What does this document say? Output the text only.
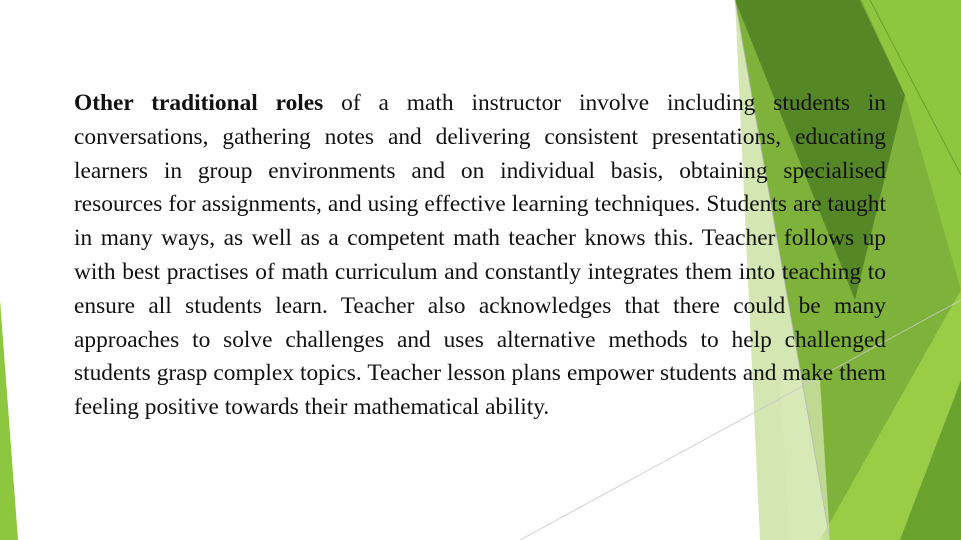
Other traditional roles of a math instructor involve including students in conversations, gathering notes and delivering consistent presentations, educating learners in group environments and on individual basis, obtaining specialised resources for assignments, and using effective learning techniques. Students are taught in many ways, as well as a competent math teacher knows this. Teacher follows up with best practises of math curriculum and constantly integrates them into teaching to ensure all students learn. Teacher also acknowledges that there could be many approaches to solve challenges and uses alternative methods to help challenged students grasp complex topics. Teacher lesson plans empower students and make them feeling positive towards their mathematical ability.
